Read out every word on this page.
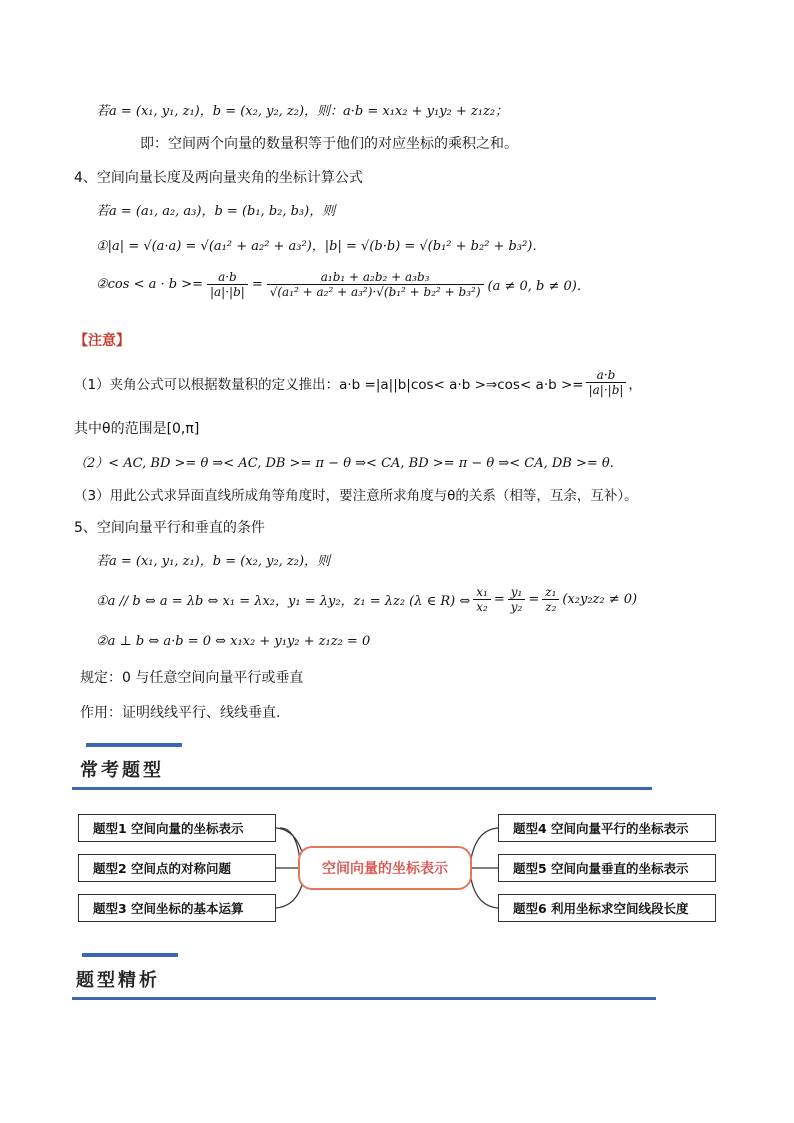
若a = (x₁, y₁, z₁)，b = (x₂, y₂, z₂)，则：a·b = x₁x₂ + y₁y₂ + z₁z₂；
即：空间两个向量的数量积等于他们的对应坐标的乘积之和。
4、空间向量长度及两向量夹角的坐标计算公式
若a = (a₁, a₂, a₃)，b = (b₁, b₂, b₃)，则
①|a| = √(a·a) = √(a₁² + a₂² + a₃²)，|b| = √(b·b) = √(b₁² + b₂² + b₃²)．
②cos < $a \cdot b >= \frac{a\cdot b}{|a|\cdot|b|} = \frac{\text{a₁b₁ + a₂b₂ + a₃b₃}}{\text{√(a₁² + a₂² + a₃²)·√(b₁² + b₂² + b₃²)}} (a \ne 0$, b ≠ 0)．
【注意】
（1）夹角公式可以根据数量积的定义推出：a·b =|a||b|cos< a·b >⇒cos< $a\cdot b >= \frac{a\cdot b}{|a|\cdot|b|}$ ，
其中θ的范围是[0,π]
（2）< AC, BD >= θ ⇒< AC, DB >= π − θ ⇒< CA, BD >= π − θ ⇒< CA, DB >= θ.
（3）用此公式求异面直线所成角等角度时，要注意所求角度与θ的关系（相等，互余，互补）。
5、空间向量平行和垂直的条件
若a = (x₁, y₁, z₁)，b = (x₂, y₂, z₂)，则
①a // b ⇔ a = λb ⇔ x₁ = λx₂，y₁ = λy₂，z₁ = λz₂ (λ ∈ R) ⇔ $\frac{\text{x₁}}{\text{x₂}} = \frac{\text{y₁}}{\text{y₂}} = \frac{\text{z₁}}{\text{z₂}} (x_2y_2z_2 \ne 0)$
②a ⊥ b ⇔ a·b = 0 ⇔ x₁x₂ + y₁y₂ + z₁z₂ = 0
规定：0 与任意空间向量平行或垂直
作用：证明线线平行、线线垂直.
常考题型
题型1 空间向量的坐标表示
题型2 空间点的对称问题
题型3 空间坐标的基本运算
空间向量的坐标表示
题型4 空间向量平行的坐标表示
题型5 空间向量垂直的坐标表示
题型6 利用坐标求空间线段长度
题型精析
